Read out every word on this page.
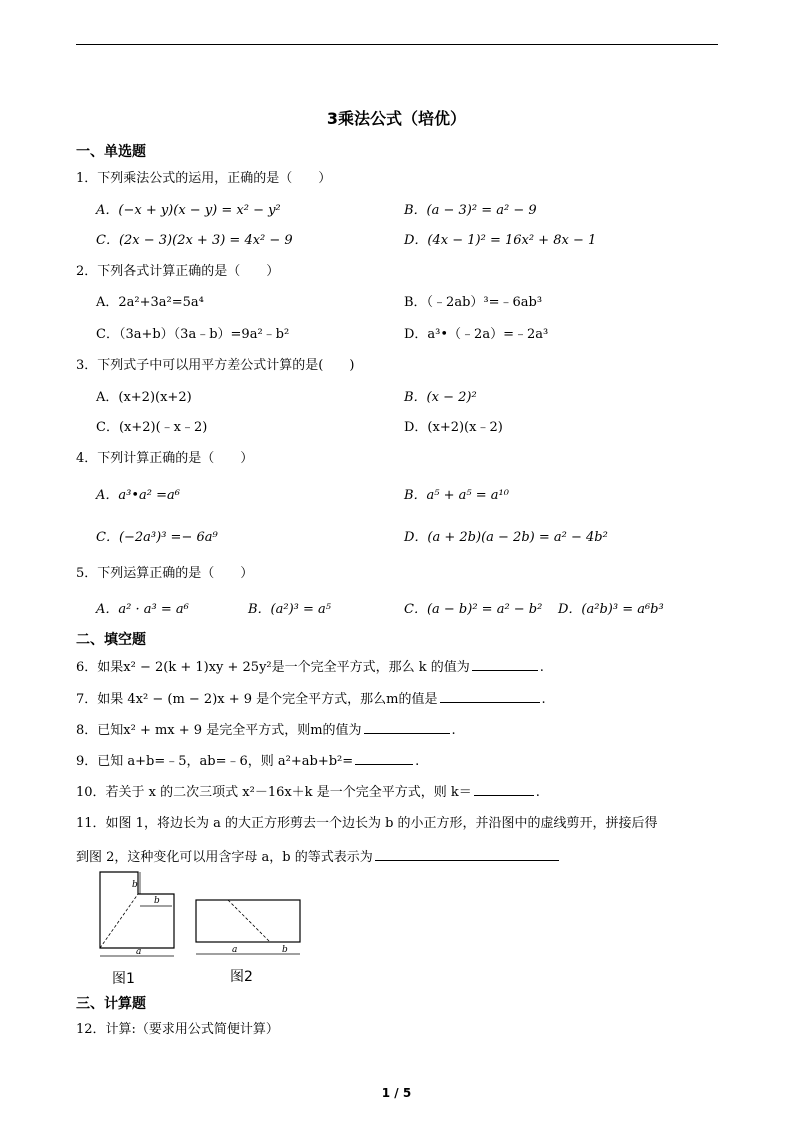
3乘法公式（培优）
一、单选题
1．下列乘法公式的运用，正确的是（　　）
A．(−x + y)(x − y) = x² − y²	B．(a − 3)² = a² − 9
C．(2x − 3)(2x + 3) = 4x² − 9	D．(4x − 1)² = 16x² + 8x − 1
2．下列各式计算正确的是（　　）
A．2a²+3a²=5a⁴	B．（﹣2ab）³=﹣6ab³
C．（3a+b）（3a﹣b）=9a²﹣b²	D．a³•（﹣2a）=﹣2a³
3．下列式子中可以用平方差公式计算的是(　　)
A．(x+2)(x+2)	B．(x − 2)²
C．(x+2)(﹣x﹣2)	D．(x+2)(x﹣2)
4．下列计算正确的是（　　）
A．a³•a² =a⁶	B．a⁵ + a⁵ = a¹⁰
C．(−2a³)³ =− 6a⁹	D．(a + 2b)(a − 2b) = a² − 4b²
5．下列运算正确的是（　　）
A．a² · a³ = a⁶	B．(a²)³ = a⁵	C．(a − b)² = a² − b² D．(a²b)³ = a⁶b³
二、填空题
6．如果x² − 2(k + 1)xy + 25y²是一个完全平方式，那么 k 的值为	.
7．如果 4x² − (m − 2)x + 9 是个完全平方式，那么m的值是	.
8．已知x² + mx + 9 是完全平方式，则m的值为	.
9．已知 a+b=﹣5，ab=﹣6，则 a²+ab+b²=	.
10．若关于 x 的二次三项式 x²－16x＋k 是一个完全平方式，则 k＝	.
11．如图 1，将边长为 a 的大正方形剪去一个边长为 b 的小正方形，并沿图中的虚线剪开，拼接后得
到图 2，这种变化可以用含字母 a，b 的等式表示为
b
b
a	a	b
图1	图2
三、计算题
12．计算:（要求用公式简便计算）
1 / 5
